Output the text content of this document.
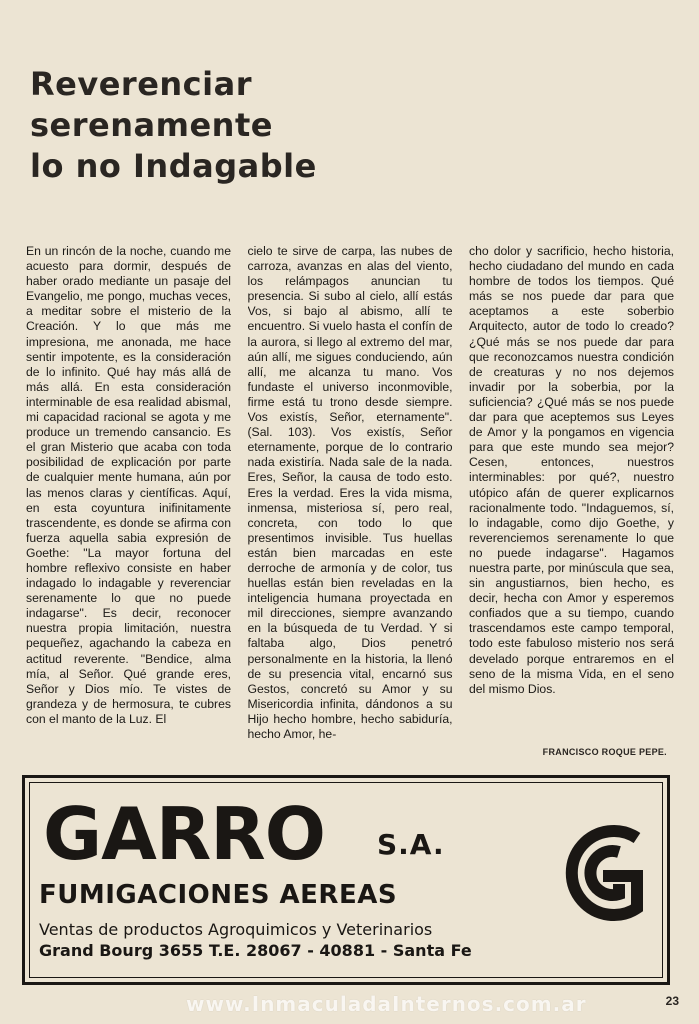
Reverenciar
serenamente
lo no Indagable
En un rincón de la noche, cuando me acuesto para dormir, después de haber orado mediante un pasaje del Evangelio, me pongo, muchas veces, a meditar sobre el misterio de la Creación. Y lo que más me impresiona, me anonada, me hace sentir impotente, es la consideración de lo infinito. Qué hay más allá de más allá. En esta consideración interminable de esa realidad abismal, mi capacidad racional se agota y me produce un tremendo cansancio. Es el gran Misterio que acaba con toda posibilidad de explicación por parte de cualquier mente humana, aún por las menos claras y científicas. Aquí, en esta coyuntura inifinitamente trascendente, es donde se afirma con fuerza aquella sabia expresión de Goethe: "La mayor fortuna del hombre reflexivo consiste en haber indagado lo indagable y reverenciar serenamente lo que no puede indagarse". Es decir, reconocer nuestra propia limitación, nuestra pequeñez, agachando la cabeza en actitud reverente. "Bendice, alma mía, al Señor. Qué grande eres, Señor y Dios mío. Te vistes de grandeza y de hermosura, te cubres con el manto de la Luz. El
cielo te sirve de carpa, las nubes de carroza, avanzas en alas del viento, los relámpagos anuncian tu presencia. Si subo al cielo, allí estás Vos, si bajo al abismo, allí te encuentro. Si vuelo hasta el confín de la aurora, si llego al extremo del mar, aún allí, me sigues conduciendo, aún allí, me alcanza tu mano. Vos fundaste el universo inconmovible, firme está tu trono desde siempre. Vos existís, Señor, eternamente". (Sal. 103). Vos existís, Señor eternamente, porque de lo contrario nada existiría. Nada sale de la nada. Eres, Señor, la causa de todo esto. Eres la verdad. Eres la vida misma, inmensa, misteriosa sí, pero real, concreta, con todo lo que presentimos invisible. Tus huellas están bien marcadas en este derroche de armonía y de color, tus huellas están bien reveladas en la inteligencia humana proyectada en mil direcciones, siempre avanzando en la búsqueda de tu Verdad. Y si faltaba algo, Dios penetró personalmente en la historia, la llenó de su presencia vital, encarnó sus Gestos, concretó su Amor y su Misericordia infinita, dándonos a su Hijo hecho hombre, hecho sabiduría, hecho Amor, he-
cho dolor y sacrificio, hecho historia, hecho ciudadano del mundo en cada hombre de todos los tiempos. Qué más se nos puede dar para que aceptamos a este soberbio Arquitecto, autor de todo lo creado? ¿Qué más se nos puede dar para que reconozcamos nuestra condición de creaturas y no nos dejemos invadir por la soberbia, por la suficiencia? ¿Qué más se nos puede dar para que aceptemos sus Leyes de Amor y la pongamos en vigencia para que este mundo sea mejor? Cesen, entonces, nuestros interminables: por qué?, nuestro utópico afán de querer explicarnos racionalmente todo. "Indaguemos, sí, lo indagable, como dijo Goethe, y reverenciemos serenamente lo que no puede indagarse". Hagamos nuestra parte, por minúscula que sea, sin angustiarnos, bien hecho, es decir, hecha con Amor y esperemos confiados que a su tiempo, cuando trascendamos este campo temporal, todo este fabuloso misterio nos será develado porque entraremos en el seno de la misma Vida, en el seno del mismo Dios.
FRANCISCO ROQUE PEPE.
GARRO S.A.
FUMIGACIONES AEREAS
Ventas de productos Agroquimicos y Veterinarios
Grand Bourg 3655 T.E. 28067 - 40881 - Santa Fe
www.InmaculadaInternos.com.ar	23
